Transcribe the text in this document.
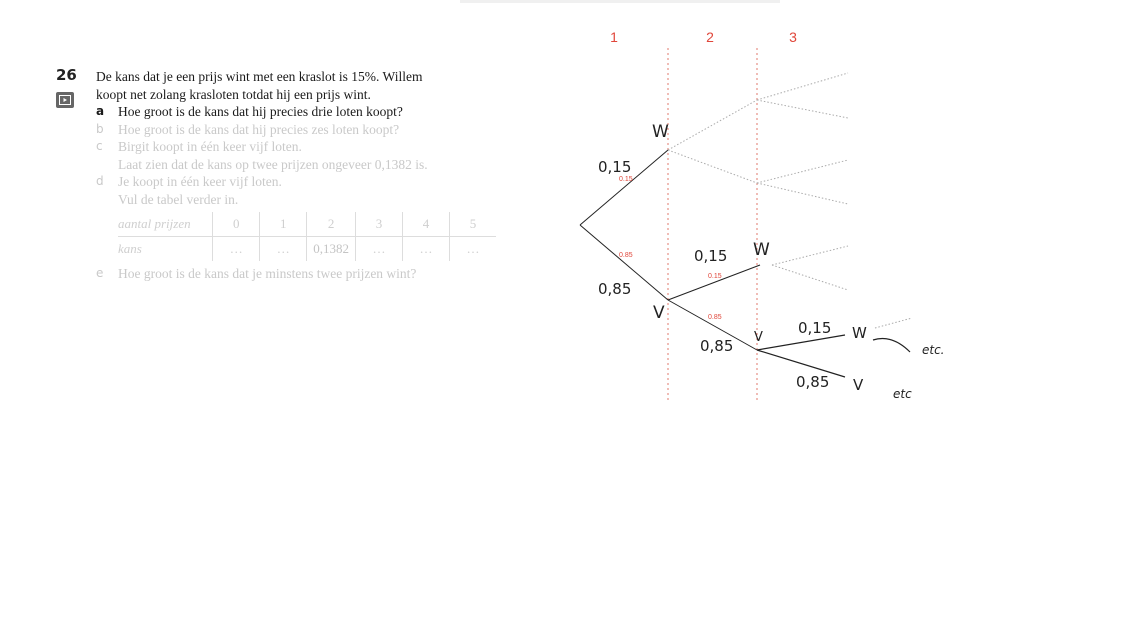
26 De kans dat je een prijs wint met een kraslot is 15%. Willem
koopt net zolang krasloten totdat hij een prijs wint.
a Hoe groot is de kans dat hij precies drie loten koopt?
b Hoe groot is de kans dat hij precies zes loten koopt?
c Birgit koopt in één keer vijf loten.
Laat zien dat de kans op twee prijzen ongeveer 0,1382 is.
d Je koopt in één keer vijf loten.
Vul de tabel verder in.
aantal prijzen	0	1	2	3	4	5
kans	…	…	0,1382	…	…	…
e Hoe groot is de kans dat je minstens twee prijzen wint?
1	2	3
0,15
0.15
0.85
0,85
W
V
0,15
0.15
W
0.85
0,85 V
0,15 W
etc.
0,85 V etc
